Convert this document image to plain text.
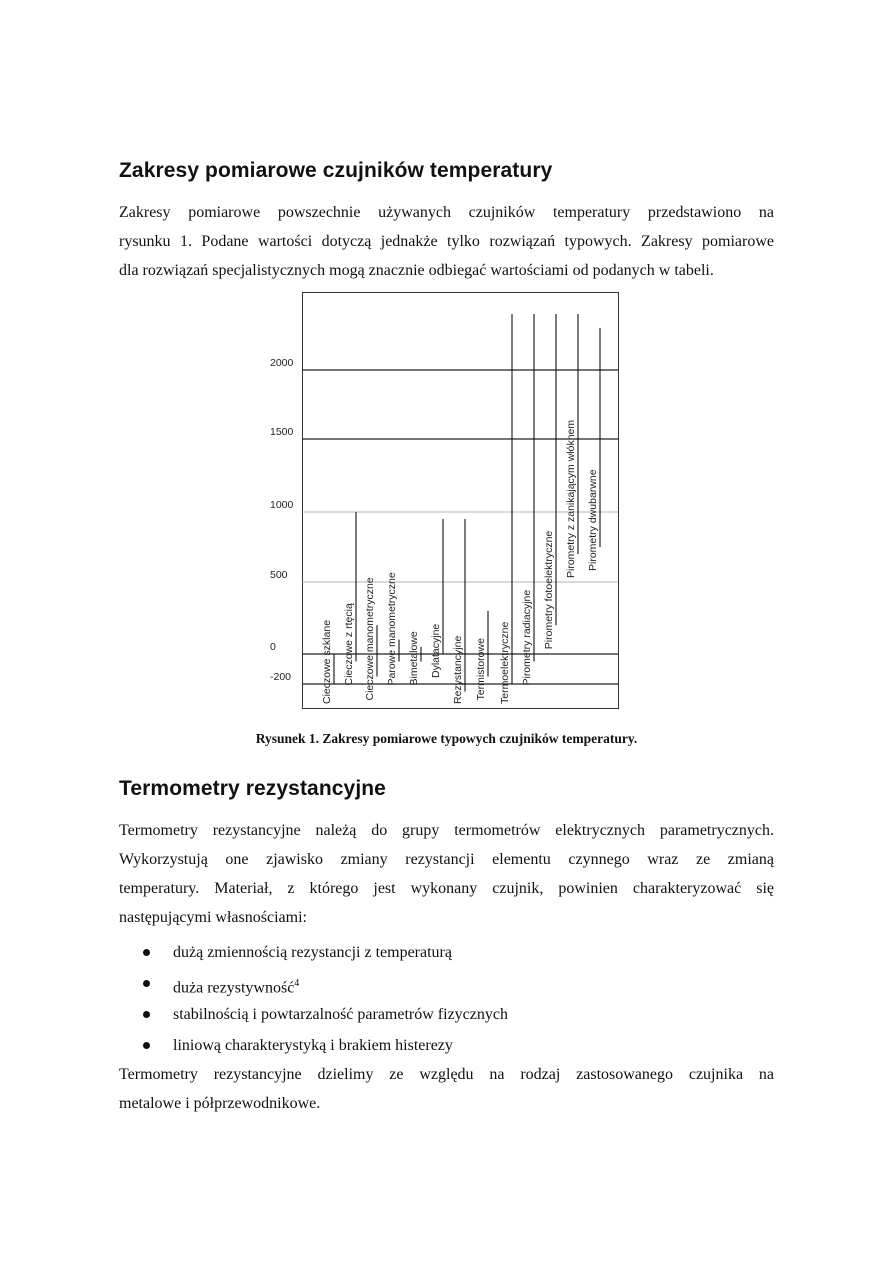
Zakresy pomiarowe czujników temperatury
Zakresy pomiarowe powszechnie używanych czujników temperatury przedstawiono na
rysunku 1. Podane wartości dotyczą jednakże tylko rozwiązań typowych. Zakresy pomiarowe
dla rozwiązań specjalistycznych mogą znacznie odbiegać wartościami od podanych w tabeli.
2000
1500
1000
500
0
-200	Cieczowe szklane Cieczowe z rtęcią Cieczowe manometryczne Parowe manometryczne Bimetalowe Dylatacyjne Rezystancyjne Termistorowe Termoelektryczne Pirometry radiacyjne Pirometry fotoelektryczne
Pirometry z zanikającym włóknem Pirometry dwubarwne
Rysunek 1. Zakresy pomiarowe typowych czujników temperatury.
Termometry rezystancyjne
Termometry rezystancyjne należą do grupy termometrów elektrycznych parametrycznych.
Wykorzystują one zjawisko zmiany rezystancji elementu czynnego wraz ze zmianą
temperatury. Materiał, z którego jest wykonany czujnik, powinien charakteryzować się
następującymi własnościami:
dużą zmiennością rezystancji z temperaturą
duża rezystywność$^4$
stabilnością i powtarzalność parametrów fizycznych
liniową charakterystyką i brakiem histerezy
Termometry rezystancyjne dzielimy ze względu na rodzaj zastosowanego czujnika na
metalowe i półprzewodnikowe.
